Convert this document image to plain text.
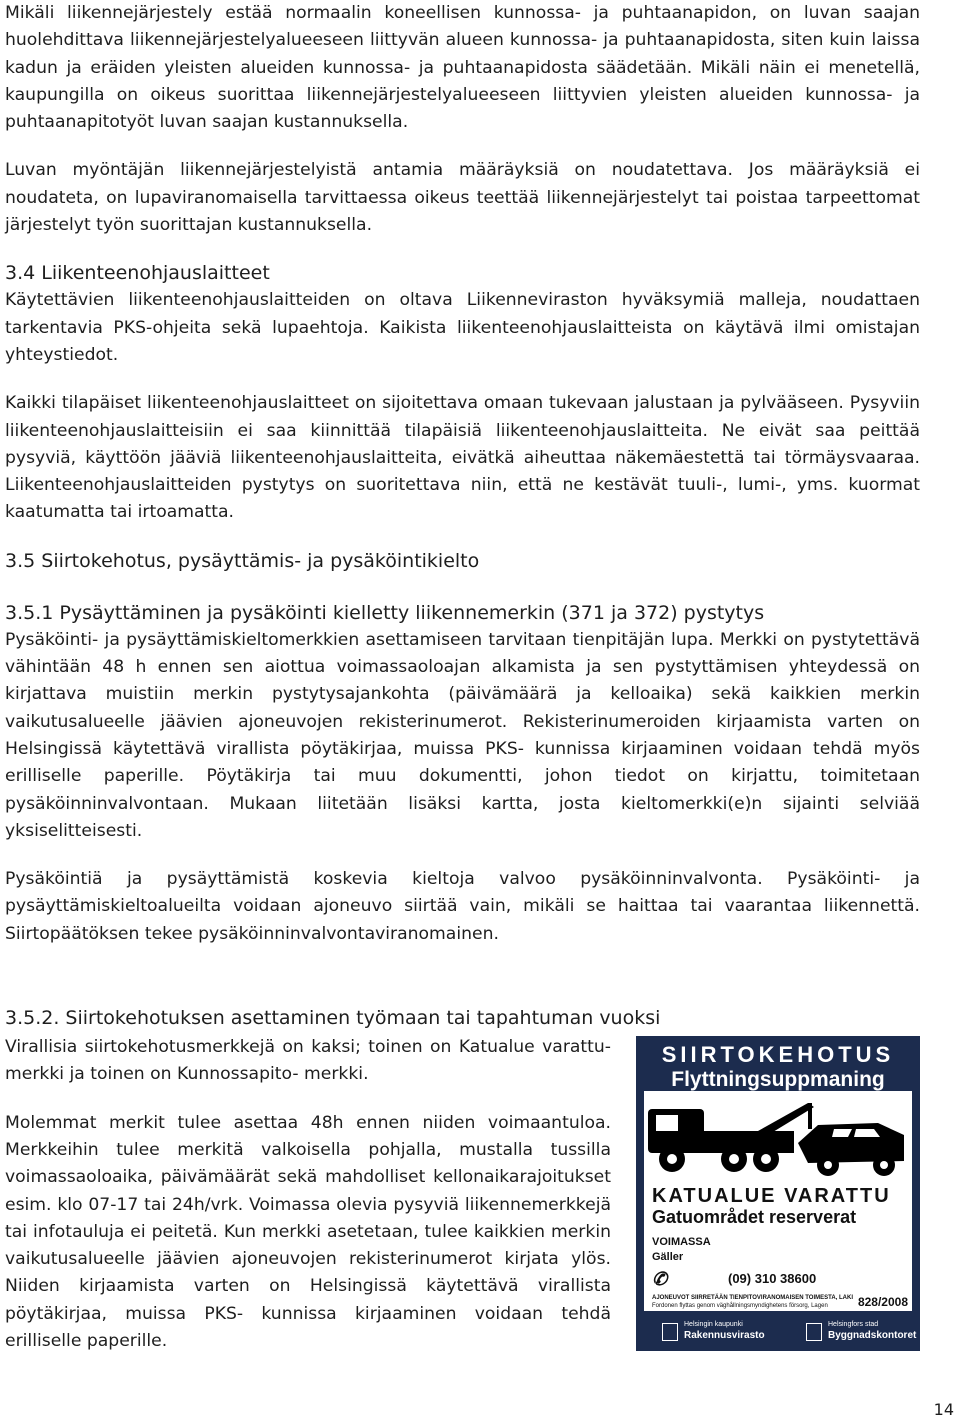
Mikäli liikennejärjestely estää normaalin koneellisen kunnossa- ja puhtaanapidon, on luvan saajan huolehdittava liikennejärjestelyalueeseen liittyvän alueen kunnossa- ja puhtaanapidosta, siten kuin laissa kadun ja eräiden yleisten alueiden kunnossa- ja puhtaanapidosta säädetään. Mikäli näin ei menetellä, kaupungilla on oikeus suorittaa liikennejärjestelyalueeseen liittyvien yleisten alueiden kunnossa- ja puhtaanapitotyöt luvan saajan kustannuksella.

Luvan myöntäjän liikennejärjestelyistä antamia määräyksiä on noudatettava. Jos määräyksiä ei noudateta, on lupaviranomaisella tarvittaessa oikeus teettää liikennejärjestelyt tai poistaa tarpeettomat järjestelyt työn suorittajan kustannuksella.

3.4 Liikenteenohjauslaitteet

Käytettävien liikenteenohjauslaitteiden on oltava Liikenneviraston hyväksymiä malleja, noudattaen tarkentavia PKS-ohjeita sekä lupaehtoja. Kaikista liikenteenohjauslaitteista on käytävä ilmi omistajan yhteystiedot.

Kaikki tilapäiset liikenteenohjauslaitteet on sijoitettava omaan tukevaan jalustaan ja pylvääseen. Pysyviin liikenteenohjauslaitteisiin ei saa kiinnittää tilapäisiä liikenteenohjauslaitteita. Ne eivät saa peittää pysyviä, käyttöön jääviä liikenteenohjauslaitteita, eivätkä aiheuttaa näkemäestettä tai törmäysvaaraa. Liikenteenohjauslaitteiden pystytys on suoritettava niin, että ne kestävät tuuli-, lumi-, yms. kuormat kaatumatta tai irtoamatta.

3.5 Siirtokehotus, pysäyttämis- ja pysäköintikielto
3.5.1 Pysäyttäminen ja pysäköinti kielletty liikennemerkin (371 ja 372) pystytys

Pysäköinti- ja pysäyttämiskieltomerkkien asettamiseen tarvitaan tienpitäjän lupa. Merkki on pystytettävä vähintään 48 h ennen sen aiottua voimassaoloajan alkamista ja sen pystyttämisen yhteydessä on kirjattava muistiin merkin pystytysajankohta (päivämäärä ja kelloaika) sekä kaikkien merkin vaikutusalueelle jäävien ajoneuvojen rekisterinumerot. Rekisterinumeroiden kirjaamista varten on Helsingissä käytettävä virallista pöytäkirjaa, muissa PKS- kunnissa kirjaaminen voidaan tehdä myös erilliselle paperille. Pöytäkirja tai muu dokumentti, johon tiedot on kirjattu, toimitetaan pysäköinninvalvontaan. Mukaan liitetään lisäksi kartta, josta kieltomerkki(e)n sijainti selviää yksiselitteisesti.

Pysäköintiä ja pysäyttämistä koskevia kieltoja valvoo pysäköinninvalvonta. Pysäköinti- ja pysäyttämiskieltoalueilta voidaan ajoneuvo siirtää vain, mikäli se haittaa tai vaarantaa liikennettä. Siirtopäätöksen tekee pysäköinninvalvontaviranomainen.

3.5.2. Siirtokehotuksen asettaminen työmaan tai tapahtuman vuoksi

Virallisia siirtokehotusmerkkejä on kaksi; toinen on Katualue varattu- merkki ja toinen on Kunnossapito- merkki.

Molemmat merkit tulee asettaa 48h ennen niiden voimaantuloa. Merkkeihin tulee merkitä valkoisella pohjalla, mustalla tussilla voimassaoloaika, päivämäärät sekä mahdolliset kellonaikarajoitukset esim. klo 07-17 tai 24h/vrk. Voimassa olevia pysyviä liikennemerkkejä tai infotauluja ei peitetä. Kun merkki asetetaan, tulee kaikkien merkin vaikutusalueelle jäävien ajoneuvojen rekisterinumerot kirjata ylös. Niiden kirjaamista varten on Helsingissä käytettävä virallista pöytäkirjaa, muissa PKS- kunnissa kirjaaminen voidaan tehdä erilliselle paperille.

SIIRTOKEHOTUS
Flyttningsuppmaning
KATUALUE VARATTU
Gatuområdet reserverat
VOIMASSA
Gäller
✆	(09) 310 38600
AJONEUVOT SIIRRETÄÄN TIENPITOVIRANOMAISEN TOIMESTA, LAKI
Fordonen flyttas genom väghållningsmyndighetens försorg, Lagen	828/2008
Helsingin kaupunki
Rakennusvirasto
Helsingfors stad
Byggnadskontoret
14
